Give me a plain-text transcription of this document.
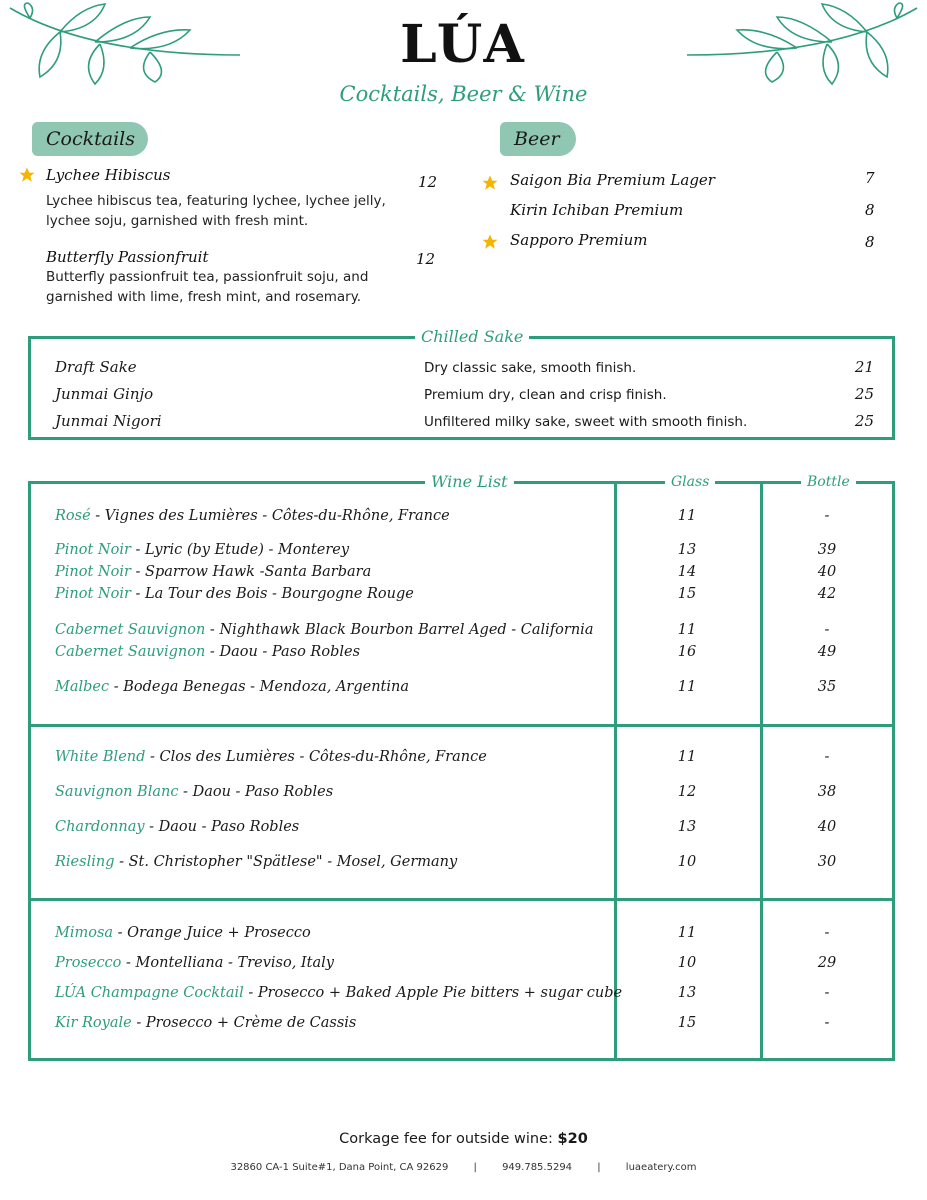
LÚA
Cocktails, Beer & Wine
Cocktails
Lychee Hibiscus	12
Lychee hibiscus tea, featuring lychee, lychee jelly,
lychee soju, garnished with fresh mint.
Butterfly Passionfruit	12
Butterfly passionfruit tea, passionfruit soju, and
garnished with lime, fresh mint, and rosemary.
Beer
Saigon Bia Premium Lager	7
Kirin Ichiban Premium	8
Sapporo Premium	8
Chilled Sake
Draft Sake	Dry classic sake, smooth finish.	21
Junmai Ginjo	Premium dry, clean and crisp finish.	25
Junmai Nigori	Unfiltered milky sake, sweet with smooth finish.	25
Wine List	Glass	Bottle
Rosé - Vignes des Lumières - Côtes-du-Rhône, France	11	-
Pinot Noir - Lyric (by Etude) - Monterey	13	39
Pinot Noir - Sparrow Hawk -Santa Barbara	14	40
Pinot Noir - La Tour des Bois - Bourgogne Rouge	15	42
Cabernet Sauvignon - Nighthawk Black Bourbon Barrel Aged - California	11	-
Cabernet Sauvignon - Daou - Paso Robles	16	49
Malbec - Bodega Benegas - Mendoza, Argentina	11	35
White Blend - Clos des Lumières - Côtes-du-Rhône, France	11	-
Sauvignon Blanc - Daou - Paso Robles	12	38
Chardonnay - Daou - Paso Robles	13	40
Riesling - St. Christopher "Spätlese" - Mosel, Germany	10	30
Mimosa - Orange Juice + Prosecco	11	-
Prosecco - Montelliana - Treviso, Italy	10	29
LÚA Champagne Cocktail - Prosecco + Baked Apple Pie bitters + sugar cube	13	-
Kir Royale - Prosecco + Crème de Cassis	15	-
Corkage fee for outside wine: $20
32860 CA-1 Suite#1, Dana Point, CA 92629	|	949.785.5294	|	luaeatery.com
